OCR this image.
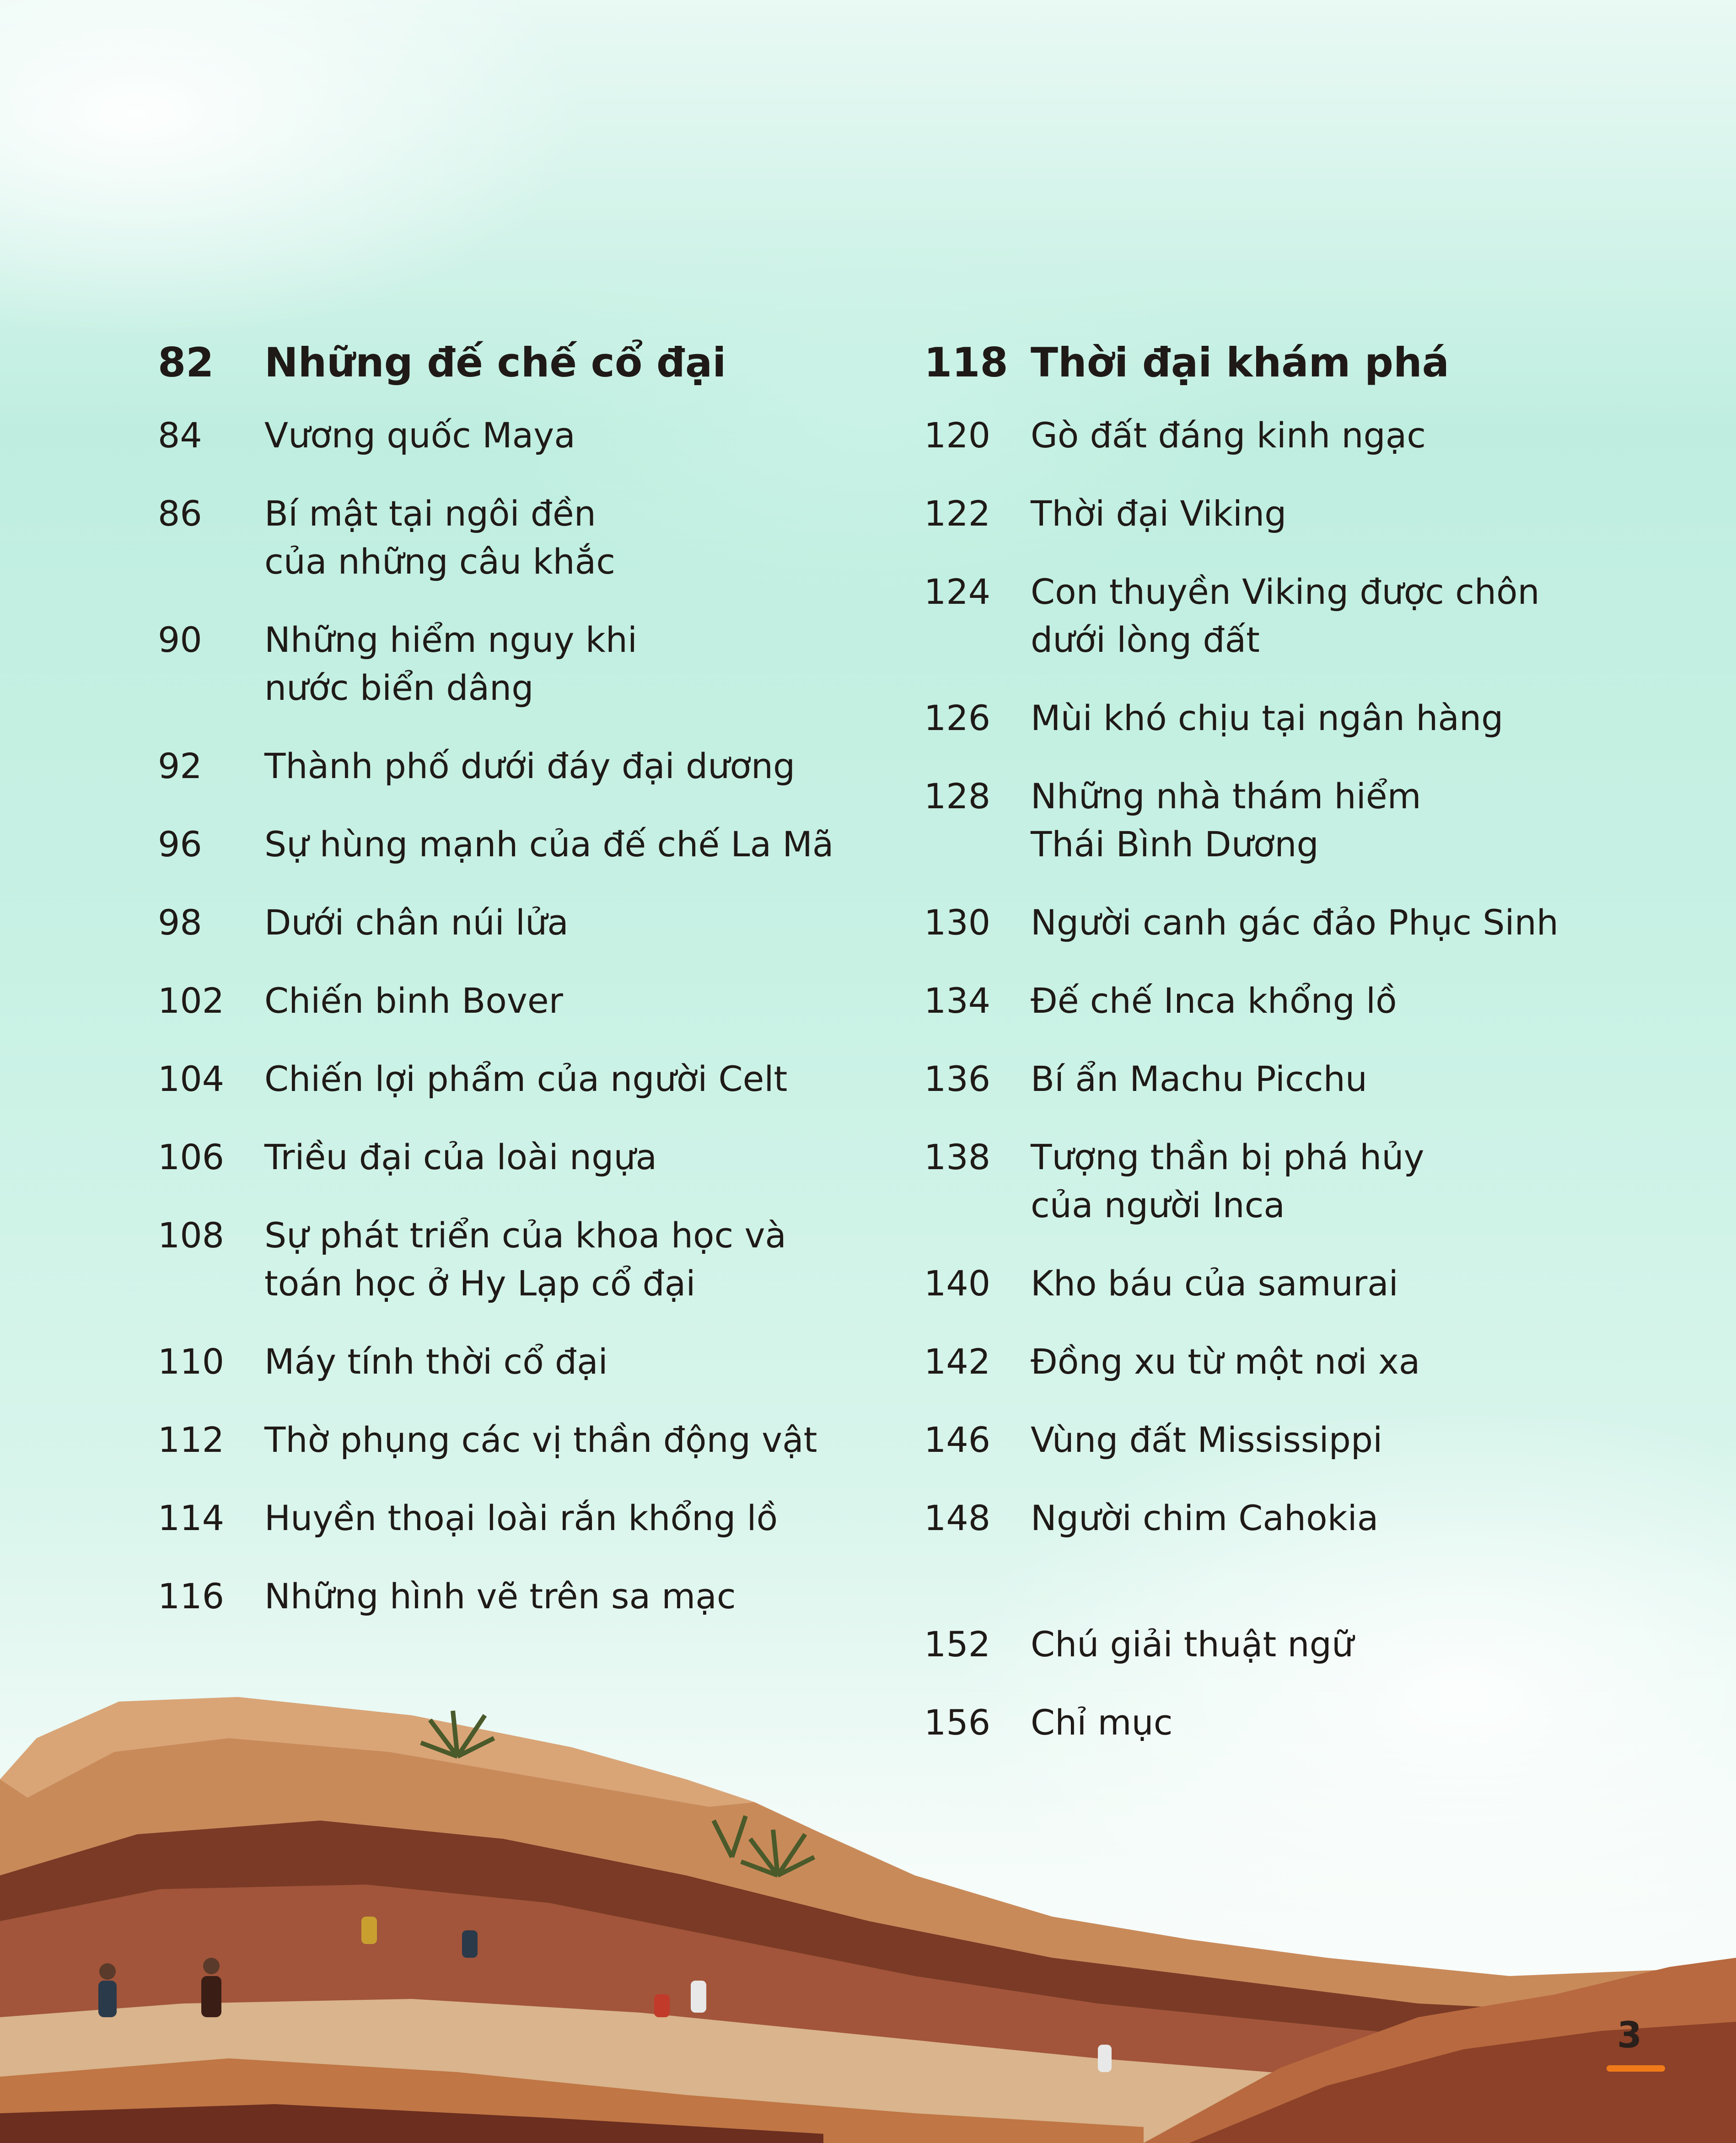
82	Những đế chế cổ đại
84	Vương quốc Maya
86	Bí mật tại ngôi đền
của những câu khắc
90	Những hiểm nguy khi
nước biển dâng
92	Thành phố dưới đáy đại dương
96	Sự hùng mạnh của đế chế La Mã
98	Dưới chân núi lửa
102	Chiến binh Bover
104	Chiến lợi phẩm của người Celt
106	Triều đại của loài ngựa
108	Sự phát triển của khoa học và
toán học ở Hy Lạp cổ đại
110	Máy tính thời cổ đại
112	Thờ phụng các vị thần động vật
114	Huyền thoại loài rắn khổng lồ
116	Những hình vẽ trên sa mạc
118 Thời đại khám phá
120	Gò đất đáng kinh ngạc
122	Thời đại Viking
124	Con thuyền Viking được chôn
dưới lòng đất
126	Mùi khó chịu tại ngân hàng
128	Những nhà thám hiểm
Thái Bình Dương
130	Người canh gác đảo Phục Sinh
134	Đế chế Inca khổng lồ
136	Bí ẩn Machu Picchu
138	Tượng thần bị phá hủy
của người Inca
140	Kho báu của samurai
142	Đồng xu từ một nơi xa
146	Vùng đất Mississippi
148	Người chim Cahokia
152	Chú giải thuật ngữ
156	Chỉ mục
3
